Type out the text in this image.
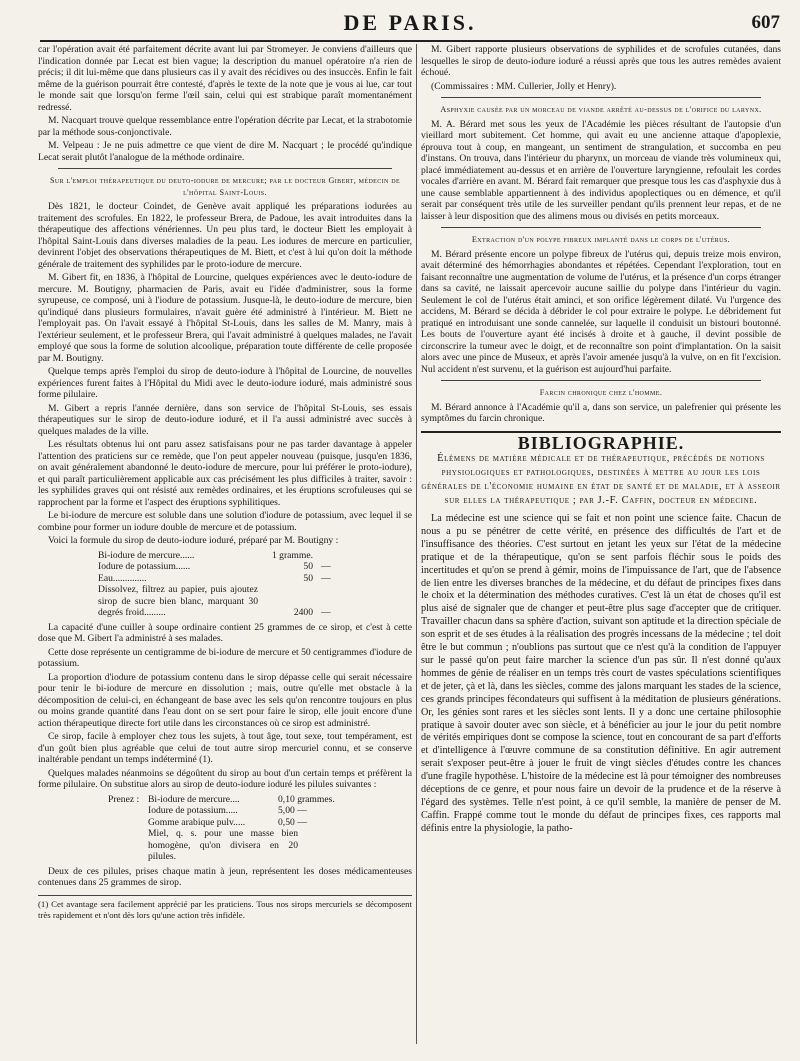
DE PARIS.	607

car l'opération avait été parfaitement décrite avant lui par Stromeyer. Je conviens d'ailleurs que l'indication donnée par Lecat est bien vague; la description du manuel opératoire n'a rien de précis; il dit lui-même que dans plusieurs cas il y avait des récidives ou des insuccès. Enfin le fait même de la guérison pourrait être contesté, d'après le texte de la note que je vous ai lue, car tout le monde sait que lorsqu'on ferme l'œil sain, celui qui est strabique paraît momentanément redressé.

M. Nacquart trouve quelque ressemblance entre l'opération décrite par Lecat, et la strabotomie par la méthode sous-conjonctivale.

M. Velpeau : Je ne puis admettre ce que vient de dire M. Nacquart ; le procédé qu'indique Lecat serait plutôt l'analogue de la méthode ordinaire.

Sur l'emploi thérapeutique du deuto-iodure de mercure; par le docteur Gibert, médecin de l'hôpital Saint-Louis.

Dès 1821, le docteur Coindet, de Genève avait appliqué les préparations iodurées au traitement des scrofules. En 1822, le professeur Brera, de Padoue, les avait introduites dans la thérapeutique des affections vénériennes. Un peu plus tard, le docteur Biett les employait à l'hôpital Saint-Louis dans diverses maladies de la peau. Les iodures de mercure en particulier, devinrent l'objet des observations thérapeutiques de M. Biett, et c'est à lui qu'on doit la méthode générale de traitement des syphilides par le proto-iodure de mercure.

M. Gibert fit, en 1836, à l'hôpital de Lourcine, quelques expériences avec le deuto-iodure de mercure. M. Boutigny, pharmacien de Paris, avait eu l'idée d'administrer, sous la forme syrupeuse, ce composé, uni à l'iodure de potassium. Jusque-là, le deuto-iodure de mercure, bien qu'indiqué dans plusieurs formulaires, n'avait guère été administré à l'intérieur. M. Biett ne l'employait pas. On l'avait essayé à l'hôpital St-Louis, dans les salles de M. Manry, mais à l'extérieur seulement, et le professeur Brera, qui l'avait administré à quelques malades, ne l'avait employé que sous la forme de solution alcoolique, préparation toute différente de celle proposée par M. Boutigny.

Quelque temps après l'emploi du sirop de deuto-iodure à l'hôpital de Lourcine, de nouvelles expériences furent faites à l'Hôpital du Midi avec le deuto-iodure ioduré, mais administré sous forme pilulaire.

M. Gibert a repris l'année dernière, dans son service de l'hôpital St-Louis, ses essais thérapeutiques sur le sirop de deuto-iodure ioduré, et il l'a aussi administré avec succès à quelques malades de la ville.

Les résultats obtenus lui ont paru assez satisfaisans pour ne pas tarder davantage à appeler l'attention des praticiens sur ce remède, que l'on peut appeler nouveau (puisque, jusqu'en 1836, on avait généralement abandonné le deuto-iodure de mercure, pour lui préférer le proto-iodure), et qui paraît particulièrement applicable aux cas précisément les plus difficiles à traiter, savoir : les syphilides graves qui ont résisté aux remèdes ordinaires, et les éruptions scrofuleuses qui se rapprochent par la forme et l'aspect des éruptions syphilitiques.

Le bi-iodure de mercure est soluble dans une solution d'iodure de potassium, avec lequel il se combine pour former un iodure double de mercure et de potassium.

Voici la formule du sirop de deuto-iodure ioduré, préparé par M. Boutigny :

Bi-iodure de mercure......	1 gramme.
Iodure de potassium......	50 —
Eau..............	50 —
Dissolvez, filtrez au papier, puis ajoutez sirop de sucre bien blanc, marquant 30 degrés froid.........	2400 —

La capacité d'une cuiller à soupe ordinaire contient 25 grammes de ce sirop, et c'est à cette dose que M. Gibert l'a administré à ses malades.

Cette dose représente un centigramme de bi-iodure de mercure et 50 centigrammes d'iodure de potassium.

La proportion d'iodure de potassium contenu dans le sirop dépasse celle qui serait nécessaire pour tenir le bi-iodure de mercure en dissolution ; mais, outre qu'elle met obstacle à la décomposition de celui-ci, en échangeant de base avec les sels qu'on rencontre toujours en plus ou moins grande quantité dans l'eau dont on se sert pour faire le sirop, elle jouit encore d'une action thérapeutique directe fort utile dans les circonstances où ce sirop est administré.

Ce sirop, facile à employer chez tous les sujets, à tout âge, tout sexe, tout tempérament, est d'un goût bien plus agréable que celui de tout autre sirop mercuriel connu, et se conserve inaltérable pendant un temps indéterminé (1).

Quelques malades néanmoins se dégoûtent du sirop au bout d'un certain temps et préfèrent la forme pilulaire. On substitue alors au sirop de deuto-iodure ioduré les pilules suivantes :

Prenez : Bi-iodure de mercure....	0,10 grammes.
Iodure de potassium.....	5,00 —
Gomme arabique pulv.....	0,50 —
Miel, q. s. pour une masse bien homogène, qu'on divisera en 20 pilules.

Deux de ces pilules, prises chaque matin à jeun, représentent les doses médicamenteuses contenues dans 25 grammes de sirop.

(1) Cet avantage sera facilement apprécié par les praticiens. Tous nos sirops mercuriels se décomposent très rapidement et n'ont dès lors qu'une action très infidèle.

M. Gibert rapporte plusieurs observations de syphilides et de scrofules cutanées, dans lesquelles le sirop de deuto-iodure ioduré a réussi après que tous les autres remèdes avaient échoué.

(Commissaires : MM. Cullerier, Jolly et Henry).

Asphyxie causée par un morceau de viande arrêté au-dessus de l'orifice du larynx.

M. A. Bérard met sous les yeux de l'Académie les pièces résultant de l'autopsie d'un vieillard mort subitement. Cet homme, qui avait eu une ancienne attaque d'apoplexie, éprouva tout à coup, en mangeant, un sentiment de strangulation, et succomba en peu d'instans. On trouva, dans l'intérieur du pharynx, un morceau de viande très volumineux qui, placé immédiatement au-dessus et en arrière de l'ouverture laryngienne, refoulait les cordes vocales d'arrière en avant. M. Bérard fait remarquer que presque tous les cas d'asphyxie dus à une cause semblable appartiennent à des individus apoplectiques ou en démence, et qu'il serait par conséquent très utile de les surveiller pendant qu'ils prennent leur repas, et de ne laisser à leur disposition que des alimens mous ou divisés en petits morceaux.

Extraction d'un polype fibreux implanté dans le corps de l'utérus.

M. Bérard présente encore un polype fibreux de l'utérus qui, depuis treize mois environ, avait déterminé des hémorrhagies abondantes et répétées. Cependant l'exploration, tout en faisant reconnaître une augmentation de volume de l'utérus, et la présence d'un corps étranger dans sa cavité, ne laissait apercevoir aucune saillie du polype dans l'intérieur du vagin. Seulement le col de l'utérus était aminci, et son orifice légèrement dilaté. Vu l'urgence des accidens, M. Bérard se décida à débrider le col pour extraire le polype. Le débridement fut pratiqué en introduisant une sonde cannelée, sur laquelle il conduisit un bistouri boutonné. Les bouts de l'ouverture ayant été incisés à droite et à gauche, il devint possible de circonscrire la tumeur avec le doigt, et de reconnaître son point d'implantation. On la saisit alors avec une pince de Museux, et après l'avoir amenée jusqu'à la vulve, on en fit l'excision. Nul accident n'est survenu, et la guérison est aujourd'hui parfaite.

Farcin chronique chez l'homme.

M. Bérard annonce à l'Académie qu'il a, dans son service, un palefrenier qui présente les symptômes du farcin chronique.

BIBLIOGRAPHIE.
Élémens de matière médicale et de thérapeutique, précédés de notions physiologiques et pathologiques, destinées à mettre au jour les lois générales de l'économie humaine en état de santé et de maladie, et à asseoir sur elles la thérapeutique ; par J.-F. Caffin, docteur en médecine.

La médecine est une science qui se fait et non point une science faite. Chacun de nous a pu se pénétrer de cette vérité, en présence des difficultés de l'art et de l'insuffisance des théories. C'est surtout en jetant les yeux sur l'état de la médecine pratique et de la thérapeutique, qu'on se sent parfois fléchir sous le poids des incertitudes et qu'on se prend à gémir, moins de l'impuissance de l'art, que de l'absence de lien entre les diverses branches de la médecine, et du défaut de principes fixes dans le choix et la détermination des méthodes curatives. C'est là un état de choses qu'il est plus aisé de signaler que de changer et peut-être plus sage d'accepter que de critiquer. Travailler chacun dans sa sphère d'action, suivant son aptitude et la direction spéciale de son esprit et de ses études à la réalisation des progrès incessans de la médecine ; tel doit être le but commun ; n'oublions pas surtout que ce n'est qu'à la condition de l'appuyer sur le passé qu'on peut faire marcher la science d'un pas sûr. Il n'est donné qu'aux hommes de génie de réaliser en un temps très court de vastes spéculations scientifiques et de jeter, çà et là, dans les siècles, comme des jalons marquant les stades de la science, ces grands principes fécondateurs qui suffisent à la méditation de plusieurs générations. Or, les génies sont rares et les siècles sont lents. Il y a donc une certaine philosophie pratique à savoir douter avec son siècle, et à bénéficier au jour le jour du petit nombre de vérités empiriques dont se compose la science, tout en concourant de sa part d'efforts et d'intelligence à l'œuvre commune de sa constitution définitive. En agir autrement serait s'exposer peut-être à jouer le fruit de vingt siècles d'études contre les chances d'une fragile hypothèse. L'histoire de la médecine est là pour témoigner des nombreuses déceptions de ce genre, et pour nous faire un devoir de la prudence et de la réserve à l'égard des systèmes. Telle n'est point, à ce qu'il semble, la manière de penser de M. Caffin. Frappé comme tout le monde du défaut de principes fixes, ces rapports mal définis entre la physiologie, la patho-
